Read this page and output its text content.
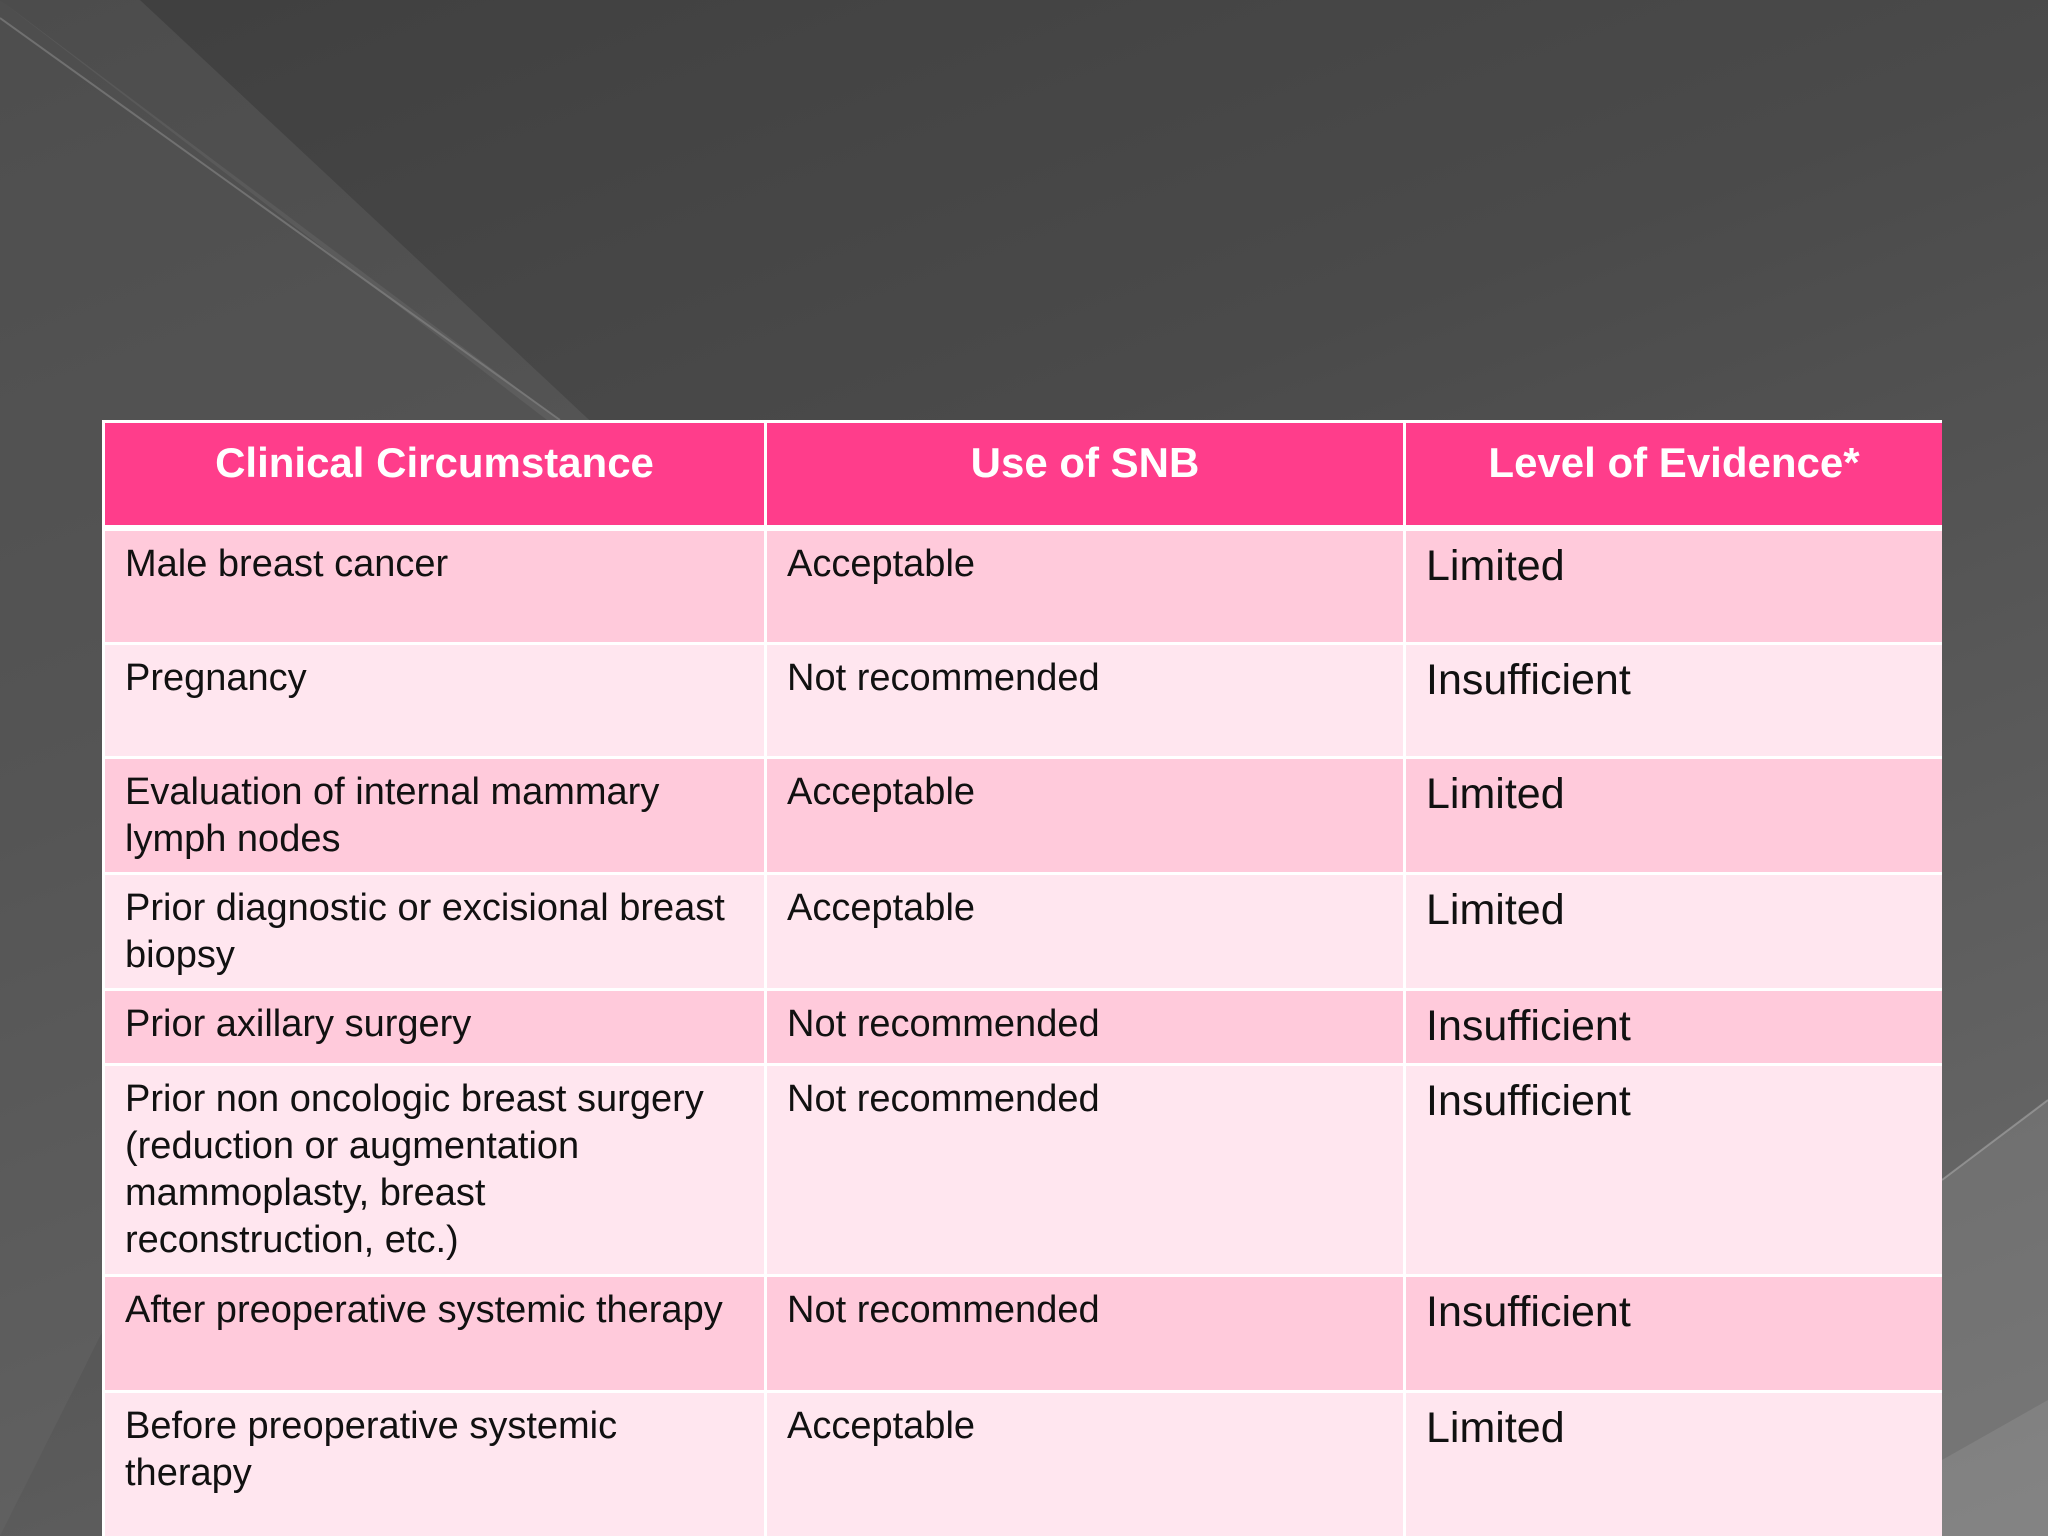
Clinical Circumstance	Use of SNB	Level of Evidence*
Male breast cancer	Acceptable	Limited
Pregnancy	Not recommended	Insufficient
Evaluation of internal mammary lymph nodes	Acceptable	Limited
Prior diagnostic or excisional breast biopsy	Acceptable	Limited
Prior axillary surgery	Not recommended	Insufficient
Prior non oncologic breast surgery (reduction or augmentation mammoplasty, breast reconstruction, etc.)	Not recommended	Insufficient
After preoperative systemic therapy	Not recommended	Insufficient
Before preoperative systemic therapy	Acceptable	Limited
